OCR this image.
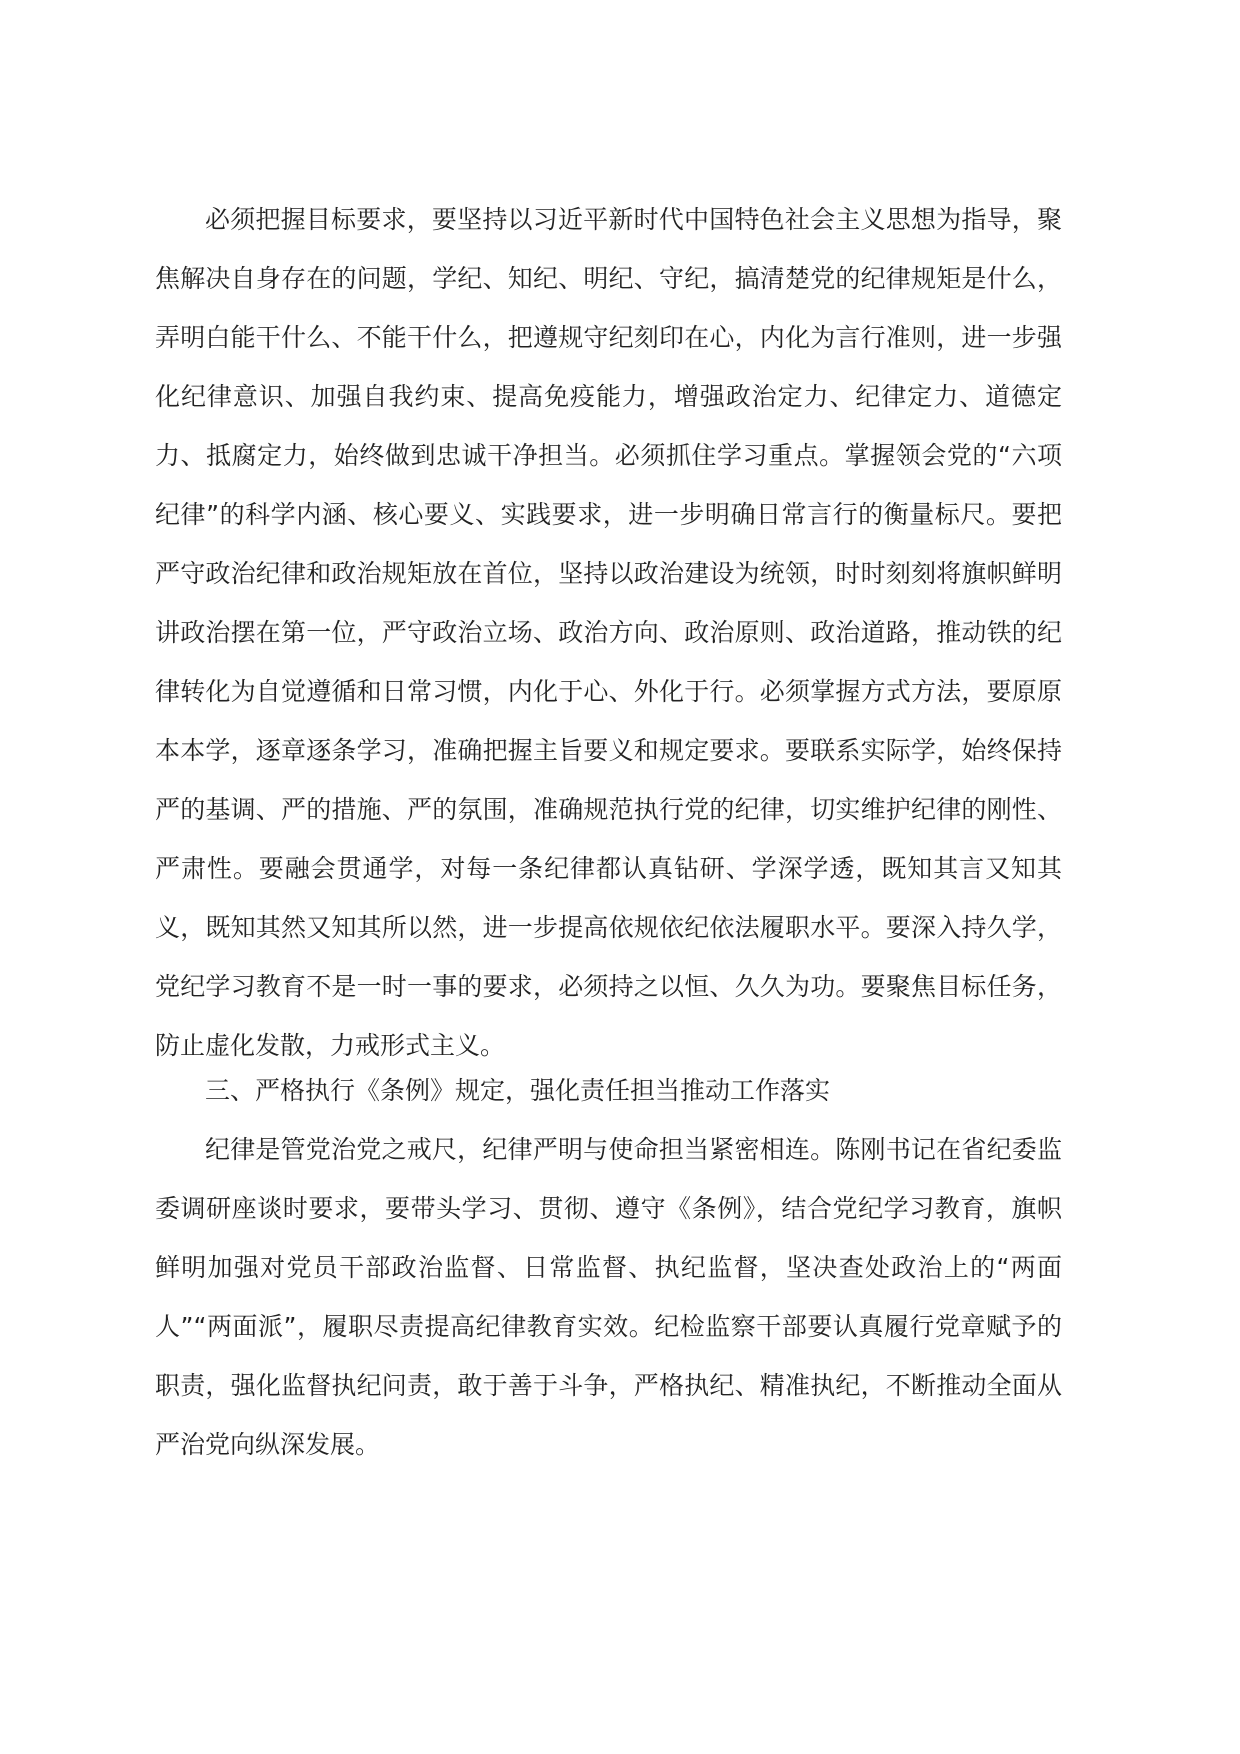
必须把握目标要求，要坚持以习近平新时代中国特色社会主义思想为指导，聚焦解决自身存在的问题，学纪、知纪、明纪、守纪，搞清楚党的纪律规矩是什么，弄明白能干什么、不能干什么，把遵规守纪刻印在心，内化为言行准则，进一步强化纪律意识、加强自我约束、提高免疫能力，增强政治定力、纪律定力、道德定力、抵腐定力，始终做到忠诚干净担当。必须抓住学习重点。掌握领会党的“六项纪律”的科学内涵、核心要义、实践要求，进一步明确日常言行的衡量标尺。要把严守政治纪律和政治规矩放在首位，坚持以政治建设为统领，时时刻刻将旗帜鲜明讲政治摆在第一位，严守政治立场、政治方向、政治原则、政治道路，推动铁的纪律转化为自觉遵循和日常习惯，内化于心、外化于行。必须掌握方式方法，要原原本本学，逐章逐条学习，准确把握主旨要义和规定要求。要联系实际学，始终保持严的基调、严的措施、严的氛围，准确规范执行党的纪律，切实维护纪律的刚性、严肃性。要融会贯通学，对每一条纪律都认真钻研、学深学透，既知其言又知其义，既知其然又知其所以然，进一步提高依规依纪依法履职水平。要深入持久学，党纪学习教育不是一时一事的要求，必须持之以恒、久久为功。要聚焦目标任务，防止虚化发散，力戒形式主义。

三、严格执行《条例》规定，强化责任担当推动工作落实

纪律是管党治党之戒尺，纪律严明与使命担当紧密相连。陈刚书记在省纪委监委调研座谈时要求，要带头学习、贯彻、遵守《条例》，结合党纪学习教育，旗帜鲜明加强对党员干部政治监督、日常监督、执纪监督，坚决查处政治上的“两面人”“两面派”，履职尽责提高纪律教育实效。纪检监察干部要认真履行党章赋予的职责，强化监督执纪问责，敢于善于斗争，严格执纪、精准执纪，不断推动全面从严治党向纵深发展。
